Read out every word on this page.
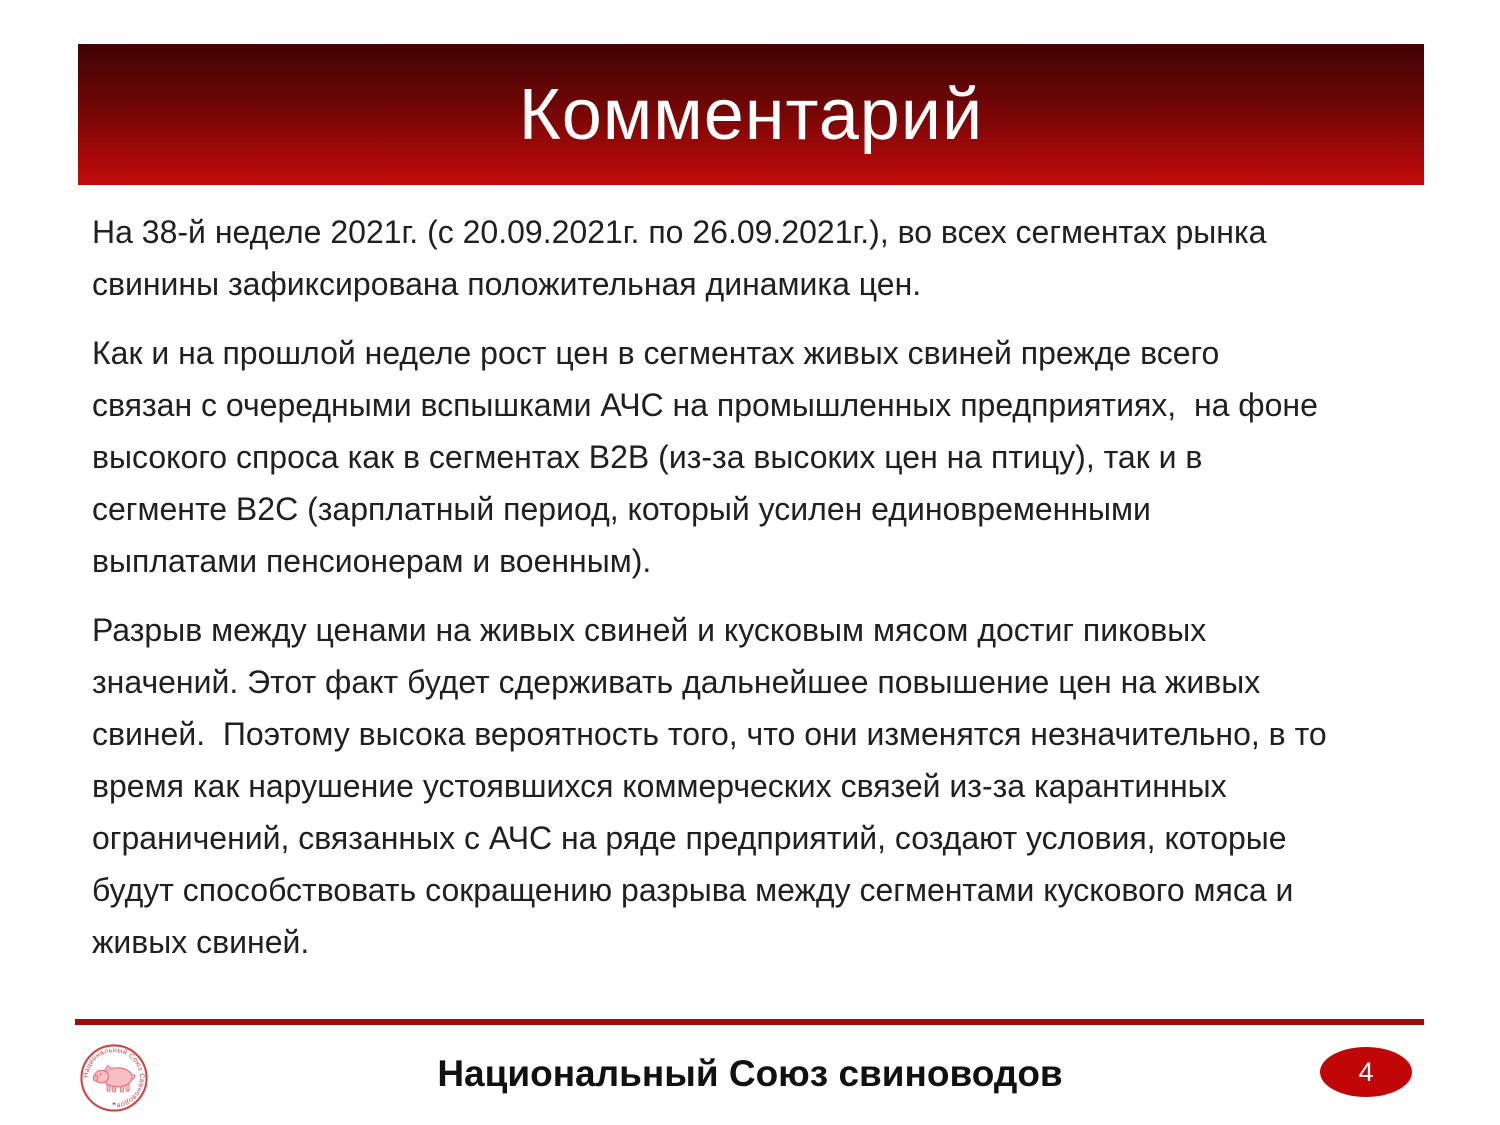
Комментарий
На 38-й неделе 2021г. (с 20.09.2021г. по 26.09.2021г.), во всех сегментах рынка
свинины зафиксирована положительная динамика цен.
Как и на прошлой неделе рост цен в сегментах живых свиней прежде всего
связан с очередными вспышками АЧС на промышленных предприятиях,  на фоне
высокого спроса как в сегментах B2B (из-за высоких цен на птицу), так и в
сегменте B2C (зарплатный период, который усилен единовременными
выплатами пенсионерам и военным).
Разрыв между ценами на живых свиней и кусковым мясом достиг пиковых
значений. Этот факт будет сдерживать дальнейшее повышение цен на живых
свиней.  Поэтому высока вероятность того, что они изменятся незначительно, в то
время как нарушение устоявшихся коммерческих связей из-за карантинных
ограничений, связанных с АЧС на ряде предприятий, создают условия, которые
будут способствовать сокращению разрыва между сегментами кускового мяса и
живых свиней.
Национальный Союз Свиноводов
✦
Национальный Союз свиноводов	4
